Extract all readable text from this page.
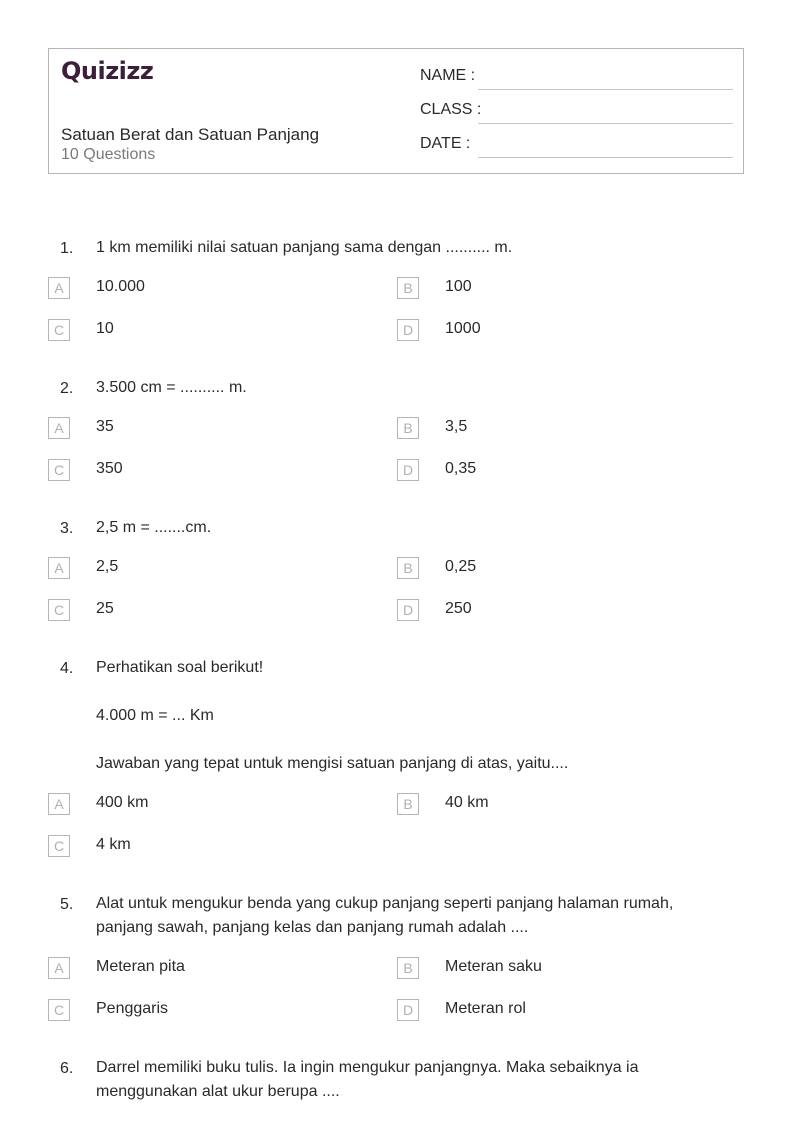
Quizizz
Satuan Berat dan Satuan Panjang
10 Questions
NAME :
CLASS :
DATE :
1. 1 km memiliki nilai satuan panjang sama dengan .......... m.
A	10.000	B	100
C	10	D	1000
2. 3.500 cm = .......... m.
A	35	B	3,5
C	350	D	0,35
3. 2,5 m = .......cm.
A	2,5	B	0,25
C	25	D	250
4. Perhatikan soal berikut!
4.000 m = ... Km
Jawaban yang tepat untuk mengisi satuan panjang di atas, yaitu....
A	400 km	B	40 km
C	4 km
5. Alat untuk mengukur benda yang cukup panjang seperti panjang halaman rumah,
panjang sawah, panjang kelas dan panjang rumah adalah ....
A	Meteran pita	B	Meteran saku
C	Penggaris	D	Meteran rol
6. Darrel memiliki buku tulis. Ia ingin mengukur panjangnya. Maka sebaiknya ia
menggunakan alat ukur berupa ....
